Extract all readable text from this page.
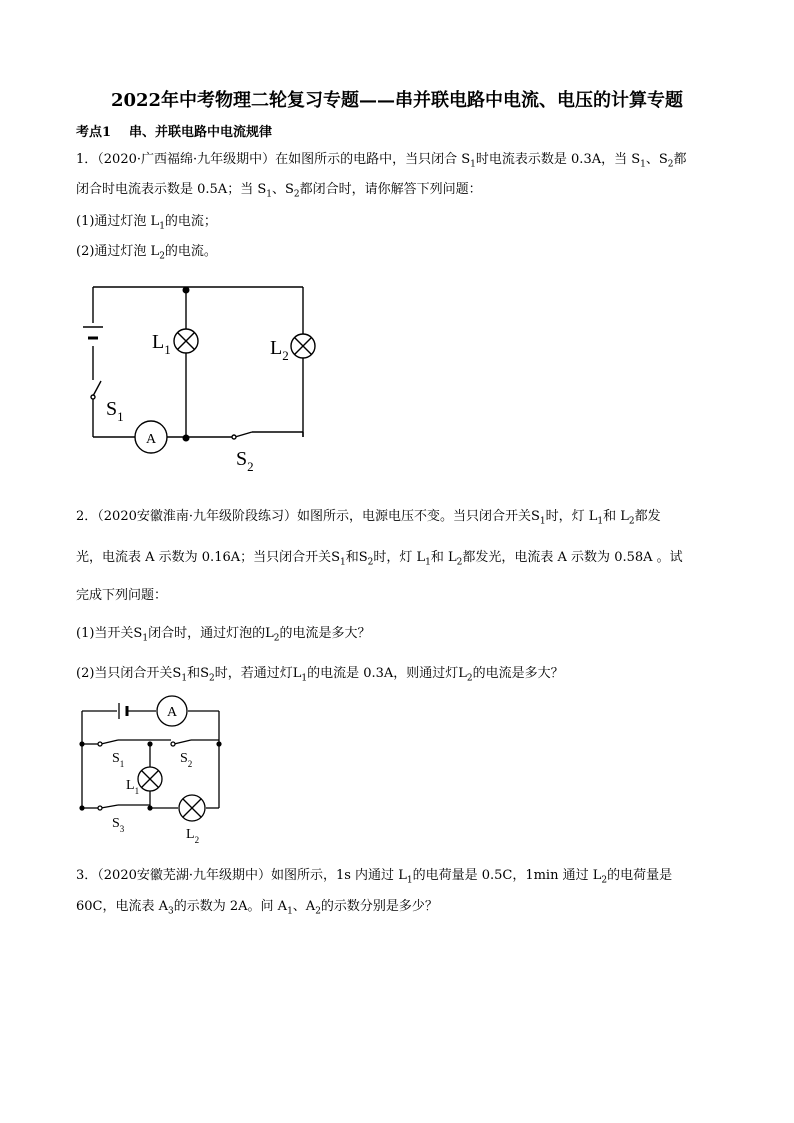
2022年中考物理二轮复习专题——串并联电路中电流、电压的计算专题
考点1 串、并联电路中电流规律
1．（2020·广西福绵·九年级期中）在如图所示的电路中，当只闭合 $S_1$时电流表示数是 0.3A，当 $S_1$、$S_2$都
闭合时电流表示数是 0.5A；当 $S_1$、$S_2$都闭合时，请你解答下列问题：
(1)通过灯泡 $L_1$的电流；
(2)通过灯泡 $L_2$的电流。
A
$L_1$	$L_2$
$S_1$
$S_2$
2．（2020安徽淮南·九年级阶段练习）如图所示，电源电压不变。当只闭合开关$S_1$时，灯 $L_1$和 $L_2$都发
光，电流表 A 示数为 0.16A；当只闭合开关$S_1$和$S_2$时，灯 $L_1$和 $L_2$都发光，电流表 A 示数为 0.58A 。试
完成下列问题：
(1)当开关$S_1$闭合时，通过灯泡的$L_2$的电流是多大？
(2)当只闭合开关$S_1$和$S_2$时，若通过灯$L_1$的电流是 0.3A，则通过灯$L_2$的电流是多大？
A
$S_1$	$S_2$
$L_1$
$S_3$	$L_2$
3．（2020安徽芜湖·九年级期中）如图所示，1s 内通过 $L_1$的电荷量是 0.5C，1min 通过 $L_2$的电荷量是
60C，电流表 $A_3$的示数为 2A。问 $A_1$、$A_2$的示数分别是多少？
